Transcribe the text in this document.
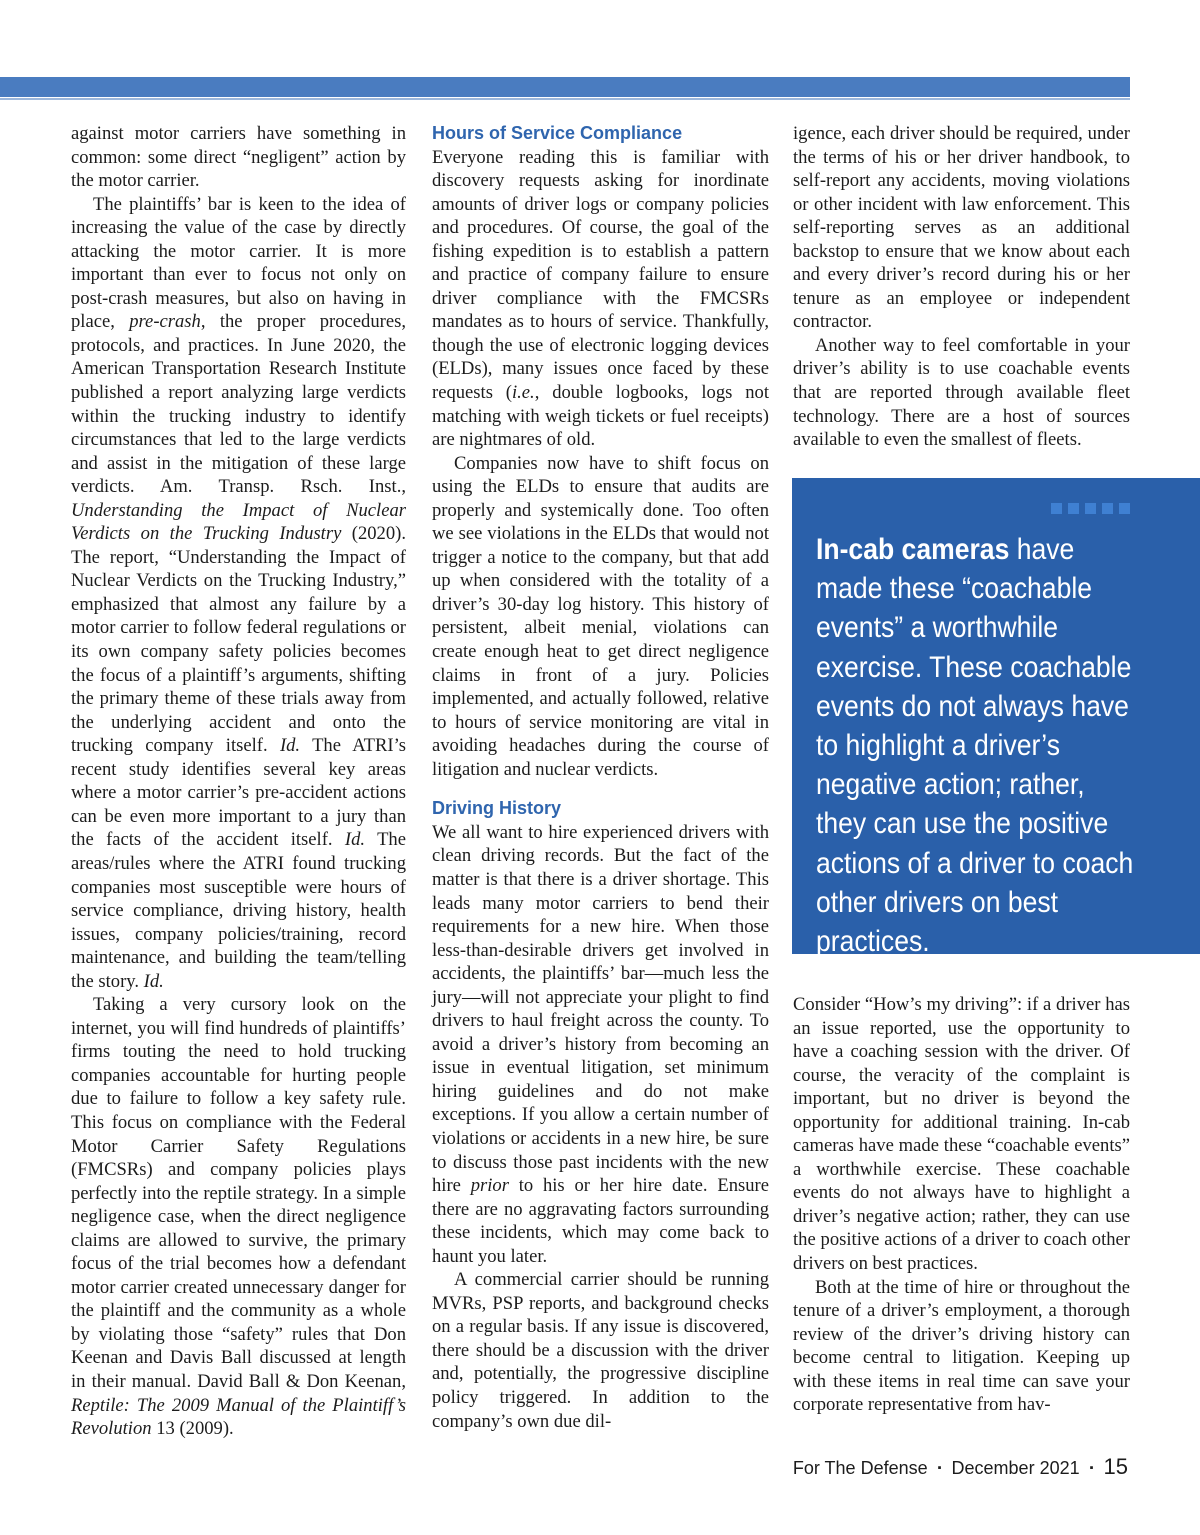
against motor carriers have something in common: some direct “negligent” action by the motor carrier.

The plaintiffs’ bar is keen to the idea of increasing the value of the case by directly attacking the motor carrier. It is more important than ever to focus not only on post-crash measures, but also on having in place, pre-crash, the proper procedures, protocols, and practices. In June 2020, the American Transportation Research Institute published a report analyzing large verdicts within the trucking industry to identify circumstances that led to the large verdicts and assist in the mitigation of these large verdicts. Am. Transp. Rsch. Inst., Understanding the Impact of Nuclear Verdicts on the Trucking Industry (2020). The report, “Understanding the Impact of Nuclear Verdicts on the Trucking Industry,” emphasized that almost any failure by a motor carrier to follow federal regulations or its own company safety policies becomes the focus of a plaintiff’s arguments, shifting the primary theme of these trials away from the underlying accident and onto the trucking company itself. Id. The ATRI’s recent study identifies several key areas where a motor carrier’s pre-accident actions can be even more important to a jury than the facts of the accident itself. Id. The areas/rules where the ATRI found trucking companies most susceptible were hours of service compliance, driving history, health issues, company policies/training, record maintenance, and building the team/telling the story. Id.

Taking a very cursory look on the internet, you will find hundreds of plaintiffs’ firms touting the need to hold trucking companies accountable for hurting people due to failure to follow a key safety rule. This focus on compliance with the Federal Motor Carrier Safety Regulations (FMCSRs) and company policies plays perfectly into the reptile strategy. In a simple negligence case, when the direct negligence claims are allowed to survive, the primary focus of the trial becomes how a defendant motor carrier created unnecessary danger for the plaintiff and the community as a whole by violating those “safety” rules that Don Keenan and Davis Ball discussed at length in their manual. David Ball & Don Keenan, Reptile: The 2009 Manual of the Plaintiff’s Revolution 13 (2009).

Hours of Service Compliance

Everyone reading this is familiar with discovery requests asking for inordinate amounts of driver logs or company policies and procedures. Of course, the goal of the fishing expedition is to establish a pattern and practice of company failure to ensure driver compliance with the FMCSRs mandates as to hours of service. Thankfully, though the use of electronic logging devices (ELDs), many issues once faced by these requests (i.e., double logbooks, logs not matching with weigh tickets or fuel receipts) are nightmares of old.

Companies now have to shift focus on using the ELDs to ensure that audits are properly and systemically done. Too often we see violations in the ELDs that would not trigger a notice to the company, but that add up when considered with the totality of a driver’s 30-day log history. This history of persistent, albeit menial, violations can create enough heat to get direct negligence claims in front of a jury. Policies implemented, and actually followed, relative to hours of service monitoring are vital in avoiding headaches during the course of litigation and nuclear verdicts.

Driving History

We all want to hire experienced drivers with clean driving records. But the fact of the matter is that there is a driver shortage. This leads many motor carriers to bend their requirements for a new hire. When those less-than-desirable drivers get involved in accidents, the plaintiffs’ bar—much less the jury—will not appreciate your plight to find drivers to haul freight across the county. To avoid a driver’s history from becoming an issue in eventual litigation, set minimum hiring guidelines and do not make exceptions. If you allow a certain number of violations or accidents in a new hire, be sure to discuss those past incidents with the new hire prior to his or her hire date. Ensure there are no aggravating factors surrounding these incidents, which may come back to haunt you later.

A commercial carrier should be running MVRs, PSP reports, and background checks on a regular basis. If any issue is discovered, there should be a discussion with the driver and, potentially, the progressive discipline policy triggered. In addition to the company’s own due dil-

igence, each driver should be required, under the terms of his or her driver handbook, to self-report any accidents, moving violations or other incident with law enforcement. This self-reporting serves as an additional backstop to ensure that we know about each and every driver’s record during his or her tenure as an employee or independent contractor.

Another way to feel comfortable in your driver’s ability is to use coachable events that are reported through available fleet technology. There are a host of sources available to even the smallest of fleets.

In-cab cameras have made these “coachable events” a worthwhile exercise. These coachable events do not always have to highlight a driver’s negative action; rather, they can use the positive actions of a driver to coach other drivers on best practices.

Consider “How’s my driving”: if a driver has an issue reported, use the opportunity to have a coaching session with the driver. Of course, the veracity of the complaint is important, but no driver is beyond the opportunity for additional training. In-cab cameras have made these “coachable events” a worthwhile exercise. These coachable events do not always have to highlight a driver’s negative action; rather, they can use the positive actions of a driver to coach other drivers on best practices.

Both at the time of hire or throughout the tenure of a driver’s employment, a thorough review of the driver’s driving history can become central to litigation. Keeping up with these items in real time can save your corporate representative from hav-

For The Defense ▪ December 2021 ▪ 15
